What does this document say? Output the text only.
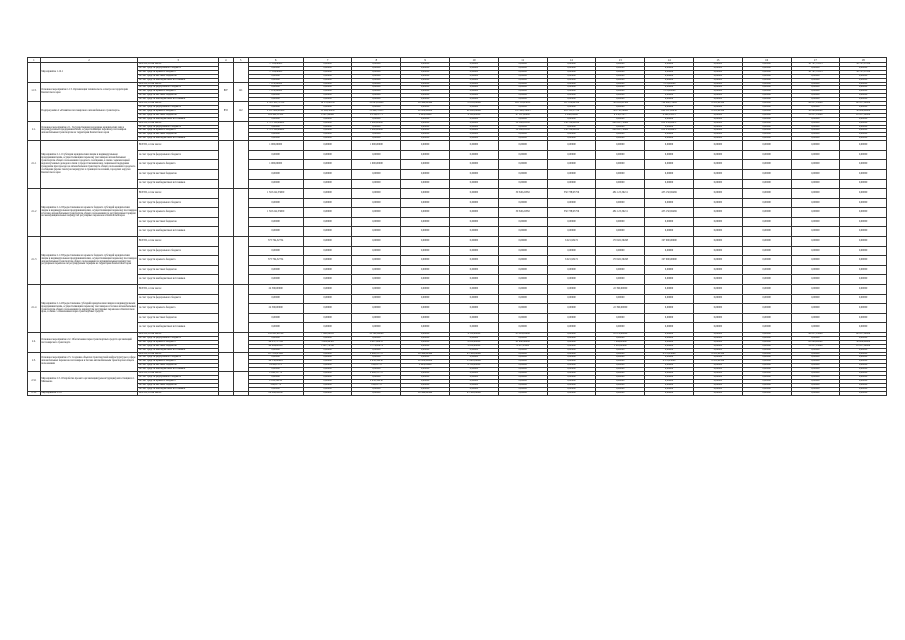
1	2	3	4	5	6	7	8	9	10	11	12	13	14	15	16	17	18
	Мероприятие 1.12.1	ВСЕГО, в том числе:			77 594,46667	0,00000	0,00000	0,00000	0,00000	0,00000	0,00000	0,00000	0,00000	0,00000	0,00000	38 797,33333	38 797,33334
		за счет средств федерального бюджета			0,00000	0,00000	0,00000	0,00000	0,00000	0,00000	0,00000	0,00000	0,00000	0,00000	0,00000	0,00000	0,00000
		за счет средств краевого бюджета			77 594,46667	0,00000	0,00000	0,00000	0,00000	0,00000	0,00000	0,00000	0,00000	0,00000	0,00000	38 797,33333	38 797,33334
		за счет средств местных бюджетов			0,00000	0,00000	0,00000	0,00000	0,00000	0,00000	0,00000	0,00000	0,00000	0,00000	0,00000	0,00000	0,00000
		за счет средств внебюджетных источников			0,00000	0,00000	0,00000	0,00000	0,00000	0,00000	0,00000	0,00000	0,00000	0,00000	0,00000	0,00000	0,00000
1.13.	Основное мероприятие 1.13. Организация технического осмотра на территории Камчатского края	ВСЕГО, в том числе:	807	121	7 874,20000	0,00000	0,00000	0,00000	0,00000	0,00000	0,00000	0,00000	7 874,20000	0,00000	0,00000	0,00000	0,00000
		за счет средств федерального бюджета			0,00000	0,00000	0,00000	0,00000	0,00000	0,00000	0,00000	0,00000	0,00000	0,00000	0,00000	0,00000	0,00000
		за счет средств краевого бюджета			7 874,20000	0,00000	0,00000	0,00000	0,00000	0,00000	0,00000	0,00000	7 874,20000	0,00000	0,00000	0,00000	0,00000
		за счет средств местных бюджетов			0,00000	0,00000	0,00000	0,00000	0,00000	0,00000	0,00000	0,00000	0,00000	0,00000	0,00000	0,00000	0,00000
		за счет средств внебюджетных источников			0,00000	0,00000	0,00000	0,00000	0,00000	0,00000	0,00000	0,00000	0,00000	0,00000	0,00000	0,00000	0,00000
	Подпрограмма 2 «Развитие пассажирского автомобильного транспорта»	ВСЕГО, в том числе:	833	122	2 312 361,71780	14 176,80350	12 693,16420	26 444,04440	76 012,89900	265 536,03632	307 054,84126	789 412,45324	704 990,75809	8 953,42320	0,00000	42 857,14286	42 857,14286
		за счет средств федерального бюджета			0,00000	0,00000	0,00000	0,00000	0,00000	0,00000	0,00000	0,00000	0,00000	0,00000	0,00000	0,00000	0,00000
		за счет средств краевого бюджета			2 187 869,20368	11 289,30450	11 960,79135	22 000,00000	62 200,00000	197 969,76625	265 511,57720	744 750,36962	699 567,82056	8 953,42320	0,00000	30 000,00000	30 000,00000
		за счет средств местных бюджетов			124 492,51412	2 887,49900	6 154,01773	2 444,04440	9 306,20000	67 567,00000	2 046,22000	6 232,15277	6 992,85253	0,00000	0,00000	12 857,14286	12 857,14286
		за счет средств внебюджетных источников			0,00000	0,00000	0,00000	0,00000	0,00000	0,00000	0,00000	0,00000	0,00000	0,00000	0,00000	0,00000	0,00000
2.1.	Основное мероприятие 2.1. Государственная поддержка юридических лиц и индивидуальных предпринимателей, осуществляющих перевозку пассажиров автомобильным транспортом на территории Камчатского края	ВСЕГО, в том числе:			1 715 396,66602	0,00000	1 000,00000	0,00000	0,00000	39 348,22382	356 760,89228	686 047,72669	632 239,82437	0,00000	0,00000	0,00000	0,00000
		за счет средств федерального бюджета			0,00000	0,00000	0,00000	0,00000	0,00000	0,00000	0,00000	0,00000	0,00000	0,00000	0,00000	0,00000	0,00000
		за счет средств краевого бюджета			1 715 396,66602	0,00000	1 000,00000	0,00000	0,00000	39 348,22382	356 760,89228	686 047,72669	632 239,82437	0,00000	0,00000	0,00000	0,00000
		за счет средств местных бюджетов			0,00000	0,00000	0,00000	0,00000	0,00000	0,00000	0,00000	0,00000	0,00000	0,00000	0,00000	0,00000	0,00000
		за счет средств внебюджетных источников			0,00000	0,00000	0,00000	0,00000	0,00000	0,00000	0,00000	0,00000	0,00000	0,00000	0,00000	0,00000	0,00000
2.1.1	Мероприятие 2.1.1 Субсидии юридическим лицам и индивидуальным предпринимателям, осуществляющим перевозку пассажиров автомобильным транспортом общего пользования городского сообщения, в связи с компенсацией недополученных доходов в связи с предоставлением мер социальной поддержки гражданам при проезде на автомобильном транспорте общего пользования городского сообщения (кроме такси) на маршрутах в границах поселений, городских округов Камчатского края	ВСЕГО, в том числе:			1 000,00000	0,00000	1 000,00000	0,00000	0,00000	0,00000	0,00000	0,00000	0,00000	0,00000	0,00000	0,00000	0,00000
		за счет средств федерального бюджета			0,00000	0,00000	0,00000	0,00000	0,00000	0,00000	0,00000	0,00000	0,00000	0,00000	0,00000	0,00000	0,00000
		за счет средств краевого бюджета			1 000,00000	0,00000	1 000,00000	0,00000	0,00000	0,00000	0,00000	0,00000	0,00000	0,00000	0,00000	0,00000	0,00000
		за счет средств местных бюджетов			0,00000	0,00000	0,00000	0,00000	0,00000	0,00000	0,00000	0,00000	0,00000	0,00000	0,00000	0,00000	0,00000
		за счет средств внебюджетных источников			0,00000	0,00000	0,00000	0,00000	0,00000	0,00000	0,00000	0,00000	0,00000	0,00000	0,00000	0,00000	0,00000
2.1.2	Мероприятие 2.1.2 Предоставление из краевого бюджета субсидий юридическим лицам и индивидуальным предпринимателям, осуществляющим перевозку пассажиров и багажа автомобильным транспортом общего пользования по регулируемым тарифам на межмуниципальных маршрутах регулярных перевозок в Камчатском крае	ВСЕГО, в том числе:			1 318 242,53000	0,00000	0,00000	0,00000	0,00000	39 348,22382	350 738,95756	481 125,36211	435 150,82469	0,00000	0,00000	0,00000	0,00000
		за счет средств федерального бюджета			0,00000	0,00000	0,00000	0,00000	0,00000	0,00000	0,00000	0,00000	0,00000	0,00000	0,00000	0,00000	0,00000
		за счет средств краевого бюджета			1 318 242,53000	0,00000	0,00000	0,00000	0,00000	39 348,22382	350 738,95756	481 125,36211	435 150,82469	0,00000	0,00000	0,00000	0,00000
		за счет средств местных бюджетов			0,00000	0,00000	0,00000	0,00000	0,00000	0,00000	0,00000	0,00000	0,00000	0,00000	0,00000	0,00000	0,00000
		за счет средств внебюджетных источников			0,00000	0,00000	0,00000	0,00000	0,00000	0,00000	0,00000	0,00000	0,00000	0,00000	0,00000	0,00000	0,00000
2.1.3	Мероприятие 2.1.3 Предоставление из краевого бюджета субсидий юридическим лицам и индивидуальным предпринимателям, осуществляющим перевозку пассажиров автомобильным транспортом общего пользования по муниципальным маршрутам регулярных перевозок по регулируемым тарифам на территории Камчатского края	ВСЕГО, в том числе:			373 764,52754	0,00000	0,00000	0,00000	0,00000	0,00000	6 021,93472	170 922,36458	197 000,00000	0,00000	0,00000	0,00000	0,00000
		за счет средств федерального бюджета			0,00000	0,00000	0,00000	0,00000	0,00000	0,00000	0,00000	0,00000	0,00000	0,00000	0,00000	0,00000	0,00000
		за счет средств краевого бюджета			373 764,52754	0,00000	0,00000	0,00000	0,00000	0,00000	6 021,93472	170 922,36458	197 000,00000	0,00000	0,00000	0,00000	0,00000
		за счет средств местных бюджетов			0,00000	0,00000	0,00000	0,00000	0,00000	0,00000	0,00000	0,00000	0,00000	0,00000	0,00000	0,00000	0,00000
		за счет средств внебюджетных источников			0,00000	0,00000	0,00000	0,00000	0,00000	0,00000	0,00000	0,00000	0,00000	0,00000	0,00000	0,00000	0,00000
2.1.4	Мероприятие 2.1.4 Предоставление субсидий юридическим лицам и индивидуальным предпринимателям, осуществляющим перевозку пассажиров и багажа автомобильным транспортом общего пользования по маршрутам регулярных перевозок в Камчатском крае, в связи с обновлением парка транспортных средств	ВСЕГО, в том числе:			22 390,00000	0,00000	0,00000	0,00000	0,00000	0,00000	0,00000	22 390,00000	0,00000	0,00000	0,00000	0,00000	0,00000
		за счет средств федерального бюджета			0,00000	0,00000	0,00000	0,00000	0,00000	0,00000	0,00000	0,00000	0,00000	0,00000	0,00000	0,00000	0,00000
		за счет средств краевого бюджета			22 390,00000	0,00000	0,00000	0,00000	0,00000	0,00000	0,00000	22 390,00000	0,00000	0,00000	0,00000	0,00000	0,00000
		за счет средств местных бюджетов			0,00000	0,00000	0,00000	0,00000	0,00000	0,00000	0,00000	0,00000	0,00000	0,00000	0,00000	0,00000	0,00000
		за счет средств внебюджетных источников			0,00000	0,00000	0,00000	0,00000	0,00000	0,00000	0,00000	0,00000	0,00000	0,00000	0,00000	0,00000	0,00000
2.2.	Основное мероприятие 2.2. Обеспечение парка транспортных средств организаций пассажирского транспорта	ВСЕГО, в том числе:			141 681,64786	7 892,28855	12 582,80609	0,00000	9 550,00000	83 124,22068	0,00000	10 670,00000	0,00000	0,00000	0,00000	42 857,14286	42 857,14286
		за счет средств федерального бюджета			0,00000	0,00000	0,00000	0,00000	0,00000	0,00000	0,00000	0,00000	0,00000	0,00000	0,00000	0,00000	0,00000
		за счет средств краевого бюджета			99 037,57764	5 924,49305	8 807,86635	0,00000	6 650,00000	41 980,96966	0,00000	7 469,00000	0,00000	0,00000	0,00000	20 000,00000	30 000,00000
		за счет средств местных бюджетов			42 644,06522	1 967,79550	3 774,93974	0,00000	2 850,00000	4 527,25000	0,00000	3 201,00000	0,00000	0,00000	0,00000	12 857,14286	12 857,14286
		за счет средств внебюджетных источников			0,00000	0,00000	0,00000	0,00000	0,00000	0,00000	0,00000	0,00000	0,00000	0,00000	0,00000	0,00000	0,00000
2.3.	Основное мероприятие 2.3. Создание объектов транспортной инфраструктуры в сфере автомобильных перевозок пассажиров и багажа автомобильным транспортом общего пользования	ВСЕГО, в том числе:			107 256,25901	0,00000	2 998,15770	26 444,04440	65 562,89900	0,00000	0,00000	0,00000	6 270,93090	8 953,42320	0,00000	0,00000	0,00000
		за счет средств федерального бюджета			0,00000	0,00000	0,00000	0,00000	0,00000	0,00000	0,00000	0,00000	0,00000	0,00000	0,00000	0,00000	0,00000
		за счет средств краевого бюджета			98 530,68629	0,00000	2 658,34230	22 000,00000	55 605,00000	0,00000	0,00000	0,00000	6 270,93090	8 953,42320	0,00000	0,00000	0,00000
		за счет средств местных бюджетов			9 290,87475	0,00000	339,81770	2 444,04440	6 516,20000	0,00000	0,00000	0,00000	0,00000	0,00000	0,00000	0,00000	0,00000
		за счет средств внебюджетных источников			0,00000	0,00000	0,00000	0,00000	0,00000	0,00000	0,00000	0,00000	0,00000	0,00000	0,00000	0,00000	0,00000
2.3.1	Мероприятие 2.3.1 Разработка проекта организации (реконструкции) автостанции в г. Мильково	ВСЕГО, в том числе:			2 998,15770	0,00000	2 998,15770	0,00000	0,00000	0,00000	0,00000	0,00000	0,00000	0,00000	0,00000	0,00000	0,00000
		за счет средств федерального бюджета			0,00000	0,00000	0,00000	0,00000	0,00000	0,00000	0,00000	0,00000	0,00000	0,00000	0,00000	0,00000	0,00000
		за счет средств краевого бюджета			2 658,34230	0,00000	2 658,34230	0,00000	0,00000	0,00000	0,00000	0,00000	0,00000	0,00000	0,00000	0,00000	0,00000
		за счет средств местных бюджетов			339,81770	0,00000	339,81770	0,00000	0,00000	0,00000	0,00000	0,00000	0,00000	0,00000	0,00000	0,00000	0,00000
		за счет средств внебюджетных источников			0,00000	0,00000	0,00000	0,00000	0,00000	0,00000	0,00000	0,00000	0,00000	0,00000	0,00000	0,00000	0,00000
2.3.2	Мероприятие 2.3.2	ВСЕГО, в том числе:			89 006,94382	0,00000	0,00000	26 444,04440	65 562,89900	0,00000	0,00000	0,00000	0,00000	0,00000	0,00000	0,00000	0,00000
